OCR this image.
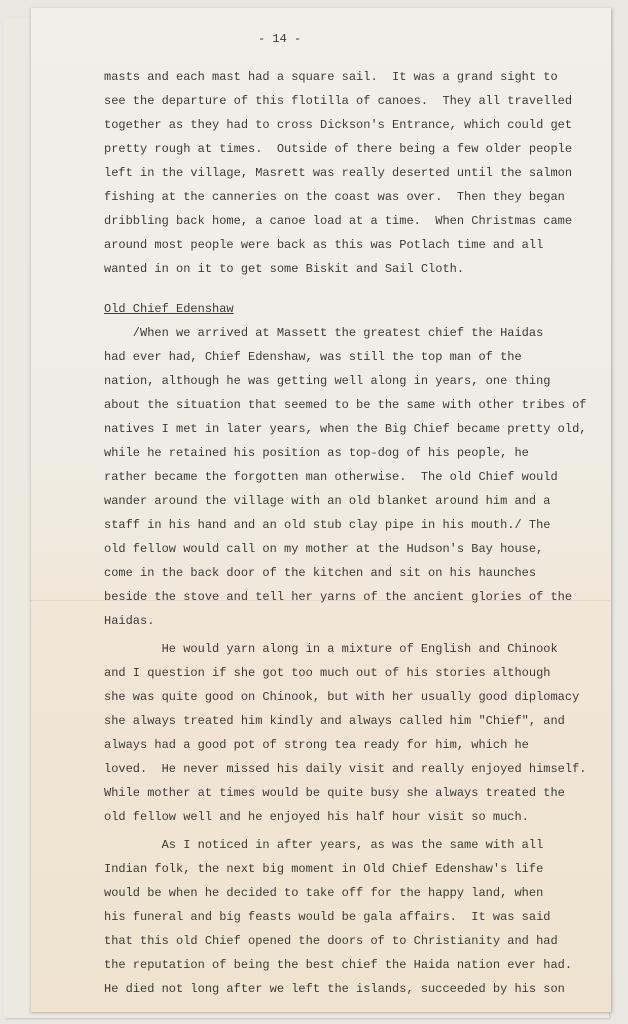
- 14 -
masts and each mast had a square sail.  It was a grand sight to
see the departure of this flotilla of canoes.  They all travelled
together as they had to cross Dickson's Entrance, which could get
pretty rough at times.  Outside of there being a few older people
left in the village, Masrett was really deserted until the salmon
fishing at the canneries on the coast was over.  Then they began
dribbling back home, a canoe load at a time.  When Christmas came
around most people were back as this was Potlach time and all
wanted in on it to get some Biskit and Sail Cloth.
Old Chief Edenshaw
/When we arrived at Massett the greatest chief the Haidas
had ever had, Chief Edenshaw, was still the top man of the
nation, although he was getting well along in years, one thing
about the situation that seemed to be the same with other tribes of
natives I met in later years, when the Big Chief became pretty old,
while he retained his position as top-dog of his people, he
rather became the forgotten man otherwise.  The old Chief would
wander around the village with an old blanket around him and a
staff in his hand and an old stub clay pipe in his mouth./ The
old fellow would call on my mother at the Hudson's Bay house,
come in the back door of the kitchen and sit on his haunches
beside the stove and tell her yarns of the ancient glories of the
Haidas.
He would yarn along in a mixture of English and Chinook
and I question if she got too much out of his stories although
she was quite good on Chinook, but with her usually good diplomacy
she always treated him kindly and always called him "Chief", and
always had a good pot of strong tea ready for him, which he
loved.  He never missed his daily visit and really enjoyed himself.
While mother at times would be quite busy she always treated the
old fellow well and he enjoyed his half hour visit so much.
As I noticed in after years, as was the same with all
Indian folk, the next big moment in Old Chief Edenshaw's life
would be when he decided to take off for the happy land, when
his funeral and big feasts would be gala affairs.  It was said
that this old Chief opened the doors of to Christianity and had
the reputation of being the best chief the Haida nation ever had.
He died not long after we left the islands, succeeded by his son
